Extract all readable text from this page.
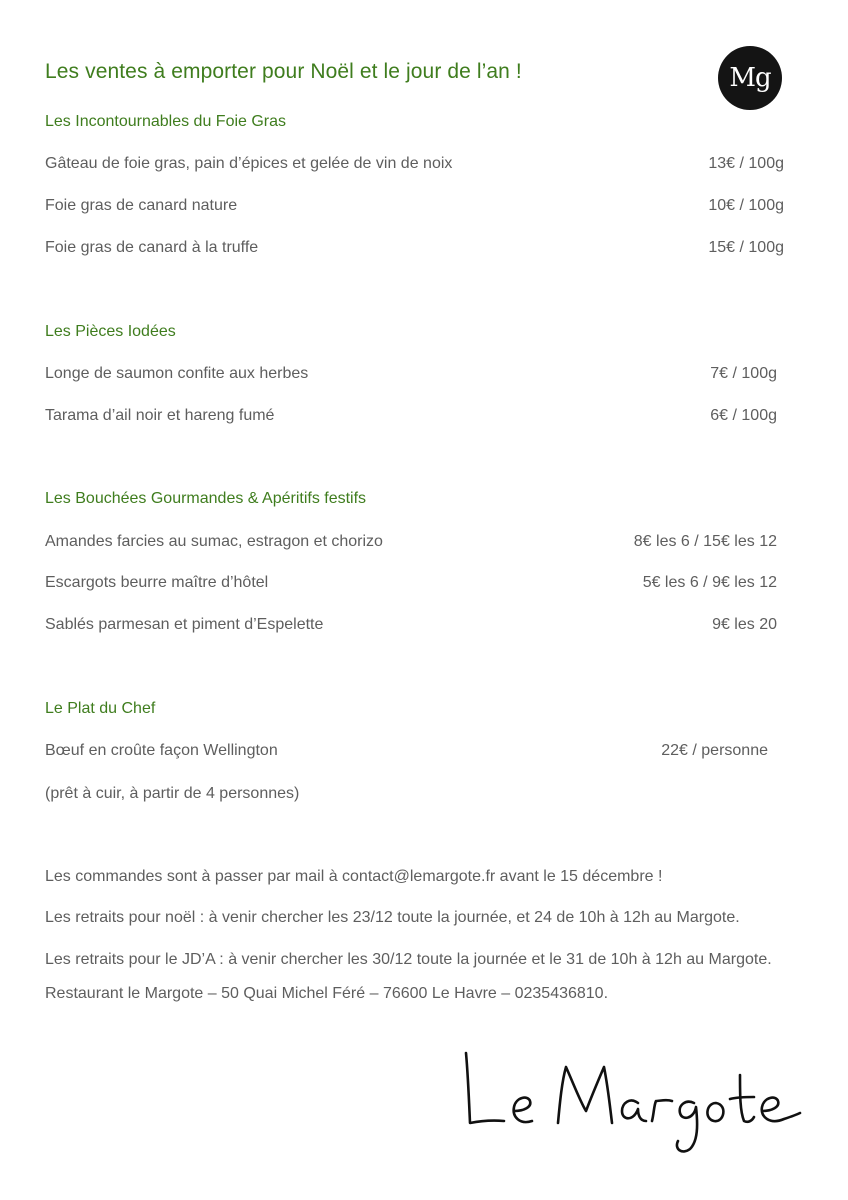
Les ventes à emporter pour Noël et le jour de l’an !	Mg
Les Incontournables du Foie Gras
Gâteau de foie gras, pain d’épices et gelée de vin de noix	13€ / 100g
Foie gras de canard nature	10€ / 100g
Foie gras de canard à la truffe	15€ / 100g
Les Pièces Iodées
Longe de saumon confite aux herbes	7€ / 100g
Tarama d’ail noir et hareng fumé	6€ / 100g
Les Bouchées Gourmandes & Apéritifs festifs
Amandes farcies au sumac, estragon et chorizo	8€ les 6 / 15€ les 12
Escargots beurre maître d’hôtel	5€ les 6 / 9€ les 12
Sablés parmesan et piment d’Espelette	9€ les 20
Le Plat du Chef
Bœuf en croûte façon Wellington	22€ / personne
(prêt à cuir, à partir de 4 personnes)
Les commandes sont à passer par mail à contact@lemargote.fr avant le 15 décembre !
Les retraits pour noël : à venir chercher les 23/12 toute la journée, et 24 de 10h à 12h au Margote.
Les retraits pour le JD’A : à venir chercher les 30/12 toute la journée et le 31 de 10h à 12h au Margote.
Restaurant le Margote – 50 Quai Michel Féré – 76600 Le Havre – 0235436810.
